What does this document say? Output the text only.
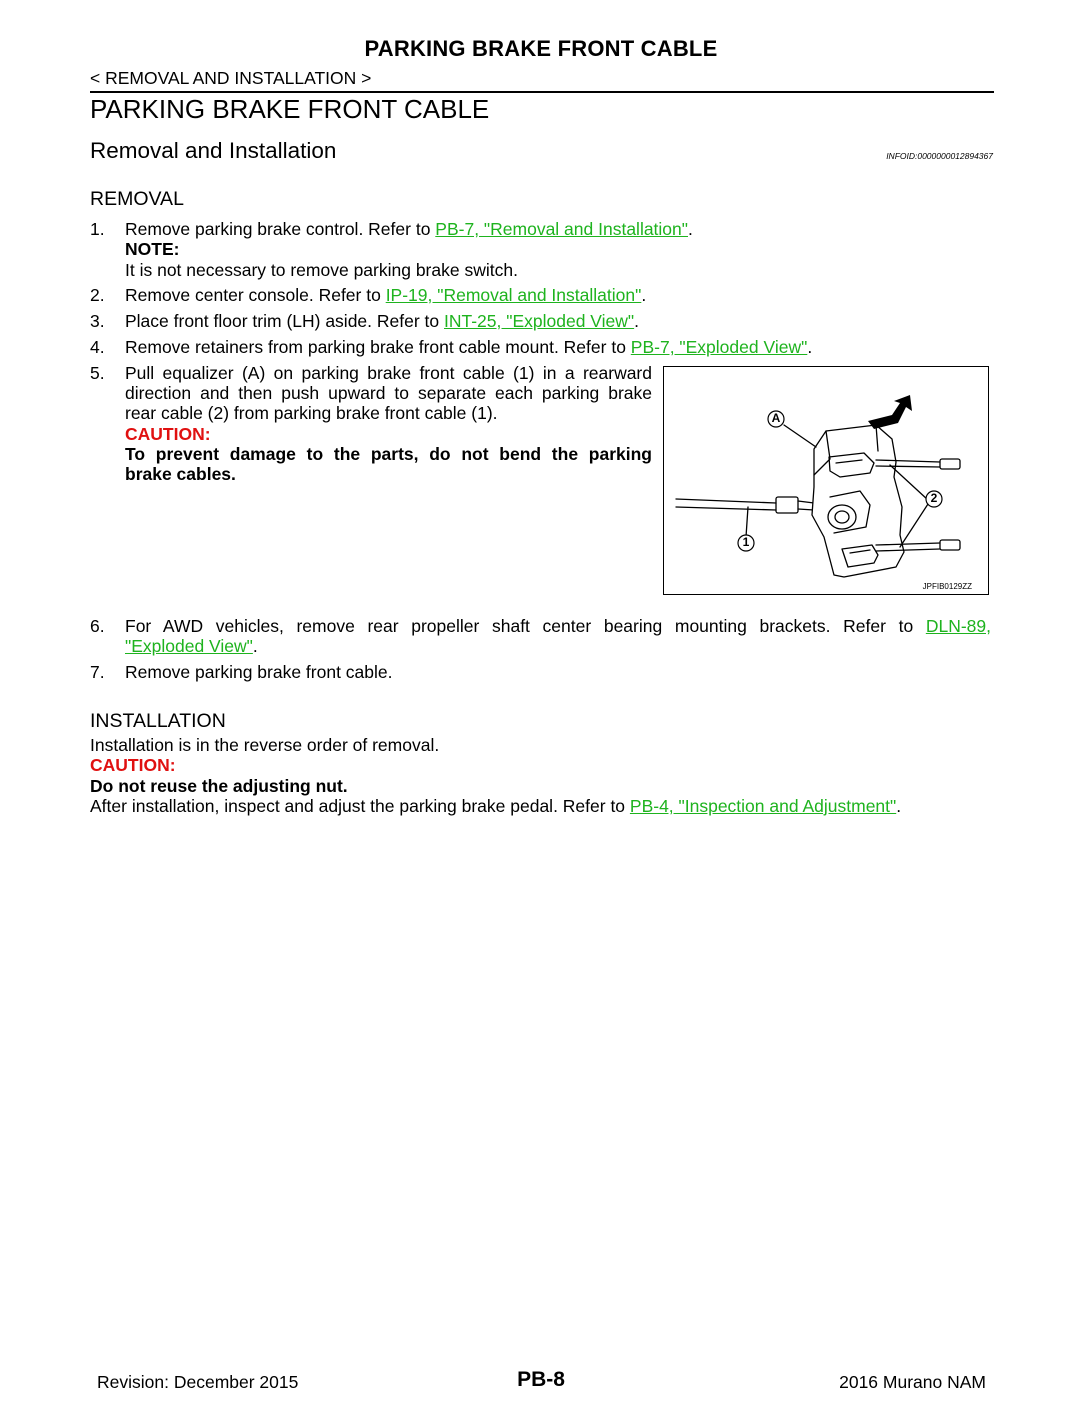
PARKING BRAKE FRONT CABLE
< REMOVAL AND INSTALLATION >
PARKING BRAKE FRONT CABLE
Removal and Installation	INFOID:0000000012894367
REMOVAL
1. Remove parking brake control. Refer to PB-7, "Removal and Installation".
NOTE:
It is not necessary to remove parking brake switch.
2. Remove center console. Refer to IP-19, "Removal and Installation".
3. Place front floor trim (LH) aside. Refer to INT-25, "Exploded View".
4. Remove retainers from parking brake front cable mount. Refer to PB-7, "Exploded View".
5. Pull equalizer (A) on parking brake front cable (1) in a rearward
direction and then push upward to separate each parking brake
rear cable (2) from parking brake front cable (1).
CAUTION:
To prevent damage to the parts, do not bend the parking
brake cables.
A
2
1
JPFIB0129ZZ
6. For AWD vehicles, remove rear propeller shaft center bearing mounting brackets. Refer to DLN-89,
"Exploded View".
7. Remove parking brake front cable.
INSTALLATION
Installation is in the reverse order of removal.
CAUTION:
Do not reuse the adjusting nut.
After installation, inspect and adjust the parking brake pedal. Refer to PB-4, "Inspection and Adjustment".
Revision: December 2015	PB-8	2016 Murano NAM
